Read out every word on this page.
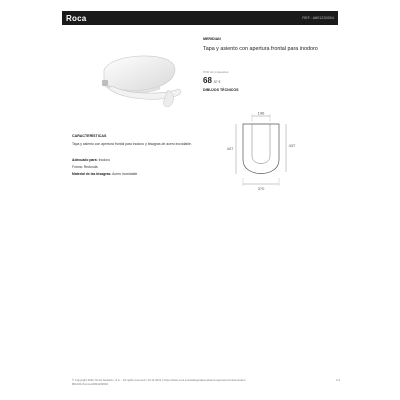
Roca	REF.: A801230004
MERIDIAN
Tapa y asiento con apertura frontal para inodoro
PVR sin impuestos
68,57 €
DIBUJOS TÉCNICOS
196
447
437
370
CARACTERÍSTICAS
Tapa y asiento con apertura frontal para inodoro y bisagras de acero inoxidable.
Adecuado para: Inodoro
Forma: Redonda
Material de las bisagras: Acero inoxidable
© Copyright 2022, Roca Sanitario, S.A. - All rights reserved | 10.11.2022 | https://www.roca.es/catalogo/tapa-asiento-apertura-frontal-inodoro
801230-/Funcut/A801230004
1/1
